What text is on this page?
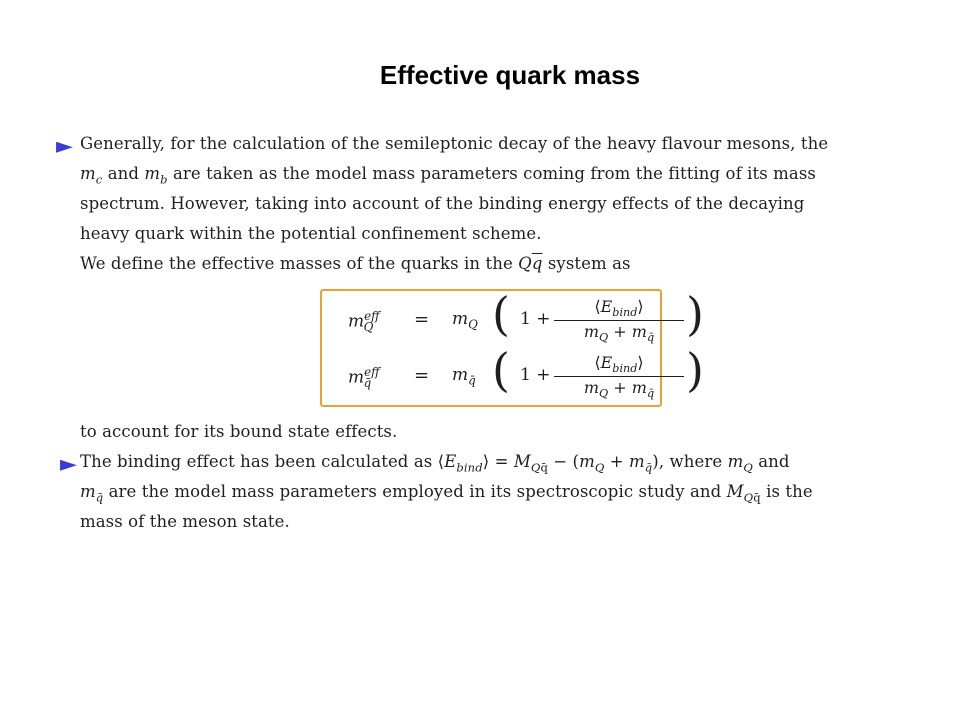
Effective quark mass
► Generally, for the calculation of the semileptonic decay of the heavy flavour mesons, the
$m_c$ and $m_b$ are taken as the model mass parameters coming from the fitting of its mass
spectrum. However, taking into account of the binding energy effects of the decaying
heavy quark within the potential confinement scheme.
We define the effective masses of the quarks in the $Q\overline{q}$ system as
$m^{eff}_Q = m_Q$ ( 1 +
$⟨E_{bind}⟩$
$m_Q + m_{q̄}$ )
$m^{eff}_{q̄} = m_{q̄}$ ( 1 +
$⟨E_{bind}⟩$
$m_Q + m_{q̄}$ )
to account for its bound state effects.
► The binding effect has been calculated as $⟨E_{bind}⟩ = M_{Qq̄} - (m_Q + m_{q̄})$, where $m_Q$ and
$m_{q̄}$ are the model mass parameters employed in its spectroscopic study and $M_{Qq̄}$ is the
mass of the meson state.
